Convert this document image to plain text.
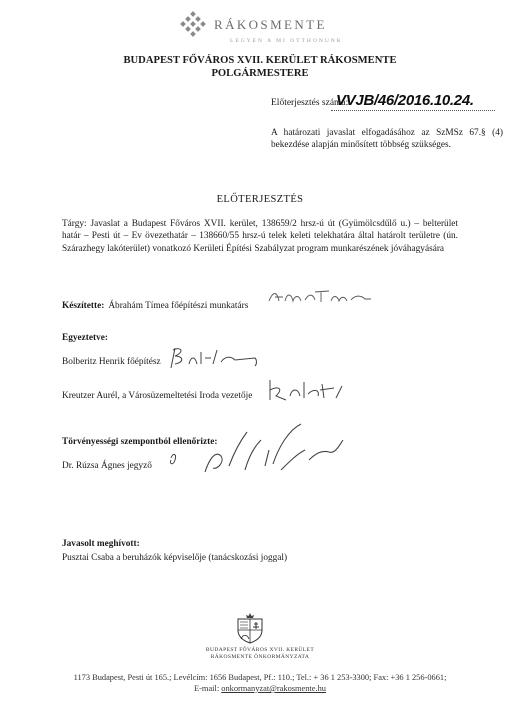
RÁKOSMENTE
LEGYEN A MI OTTHONUNK
BUDAPEST FŐVÁROS XVII. KERÜLET RÁKOSMENTE
POLGÁRMESTERE
Előterjesztés száma:
VVJB/46/2016.10.24.
A határozati javaslat elfogadásához az SzMSz 67.§ (4) bekezdése alapján minősített többség szükséges.
ELŐTERJESZTÉS
Tárgy: Javaslat a Budapest Főváros XVII. kerület, 138659/2 hrsz-ú út (Gyümölcsdűlő u.) – belterület határ – Pesti út – Ev övezethatár – 138660/55 hrsz-ú telek keleti telekhatára által határolt területre (ún. Szárazhegy lakóterület) vonatkozó Kerületi Építési Szabályzat program munkarészének jóváhagyására
Készítette: Ábrahám Tímea főépítészi munkatárs
Egyeztetve:
Bolberitz Henrik főépítész
Kreutzer Aurél, a Városüzemeltetési Iroda vezetője
Törvényességi szempontból ellenőrizte:
Dr. Rúzsa Ágnes jegyző
Javasolt meghívott:
Pusztai Csaba a beruházók képviselője (tanácskozási joggal)
BUDAPEST FŐVÁROS XVII. KERÜLET
RÁKOSMENTE ÖNKORMÁNYZATA
1173 Budapest, Pesti út 165.; Levélcím: 1656 Budapest, Pf.: 110.; Tel.: + 36 1 253-3300; Fax: +36 1 256-0661;
E-mail: onkormanyzat@rakosmente.hu
